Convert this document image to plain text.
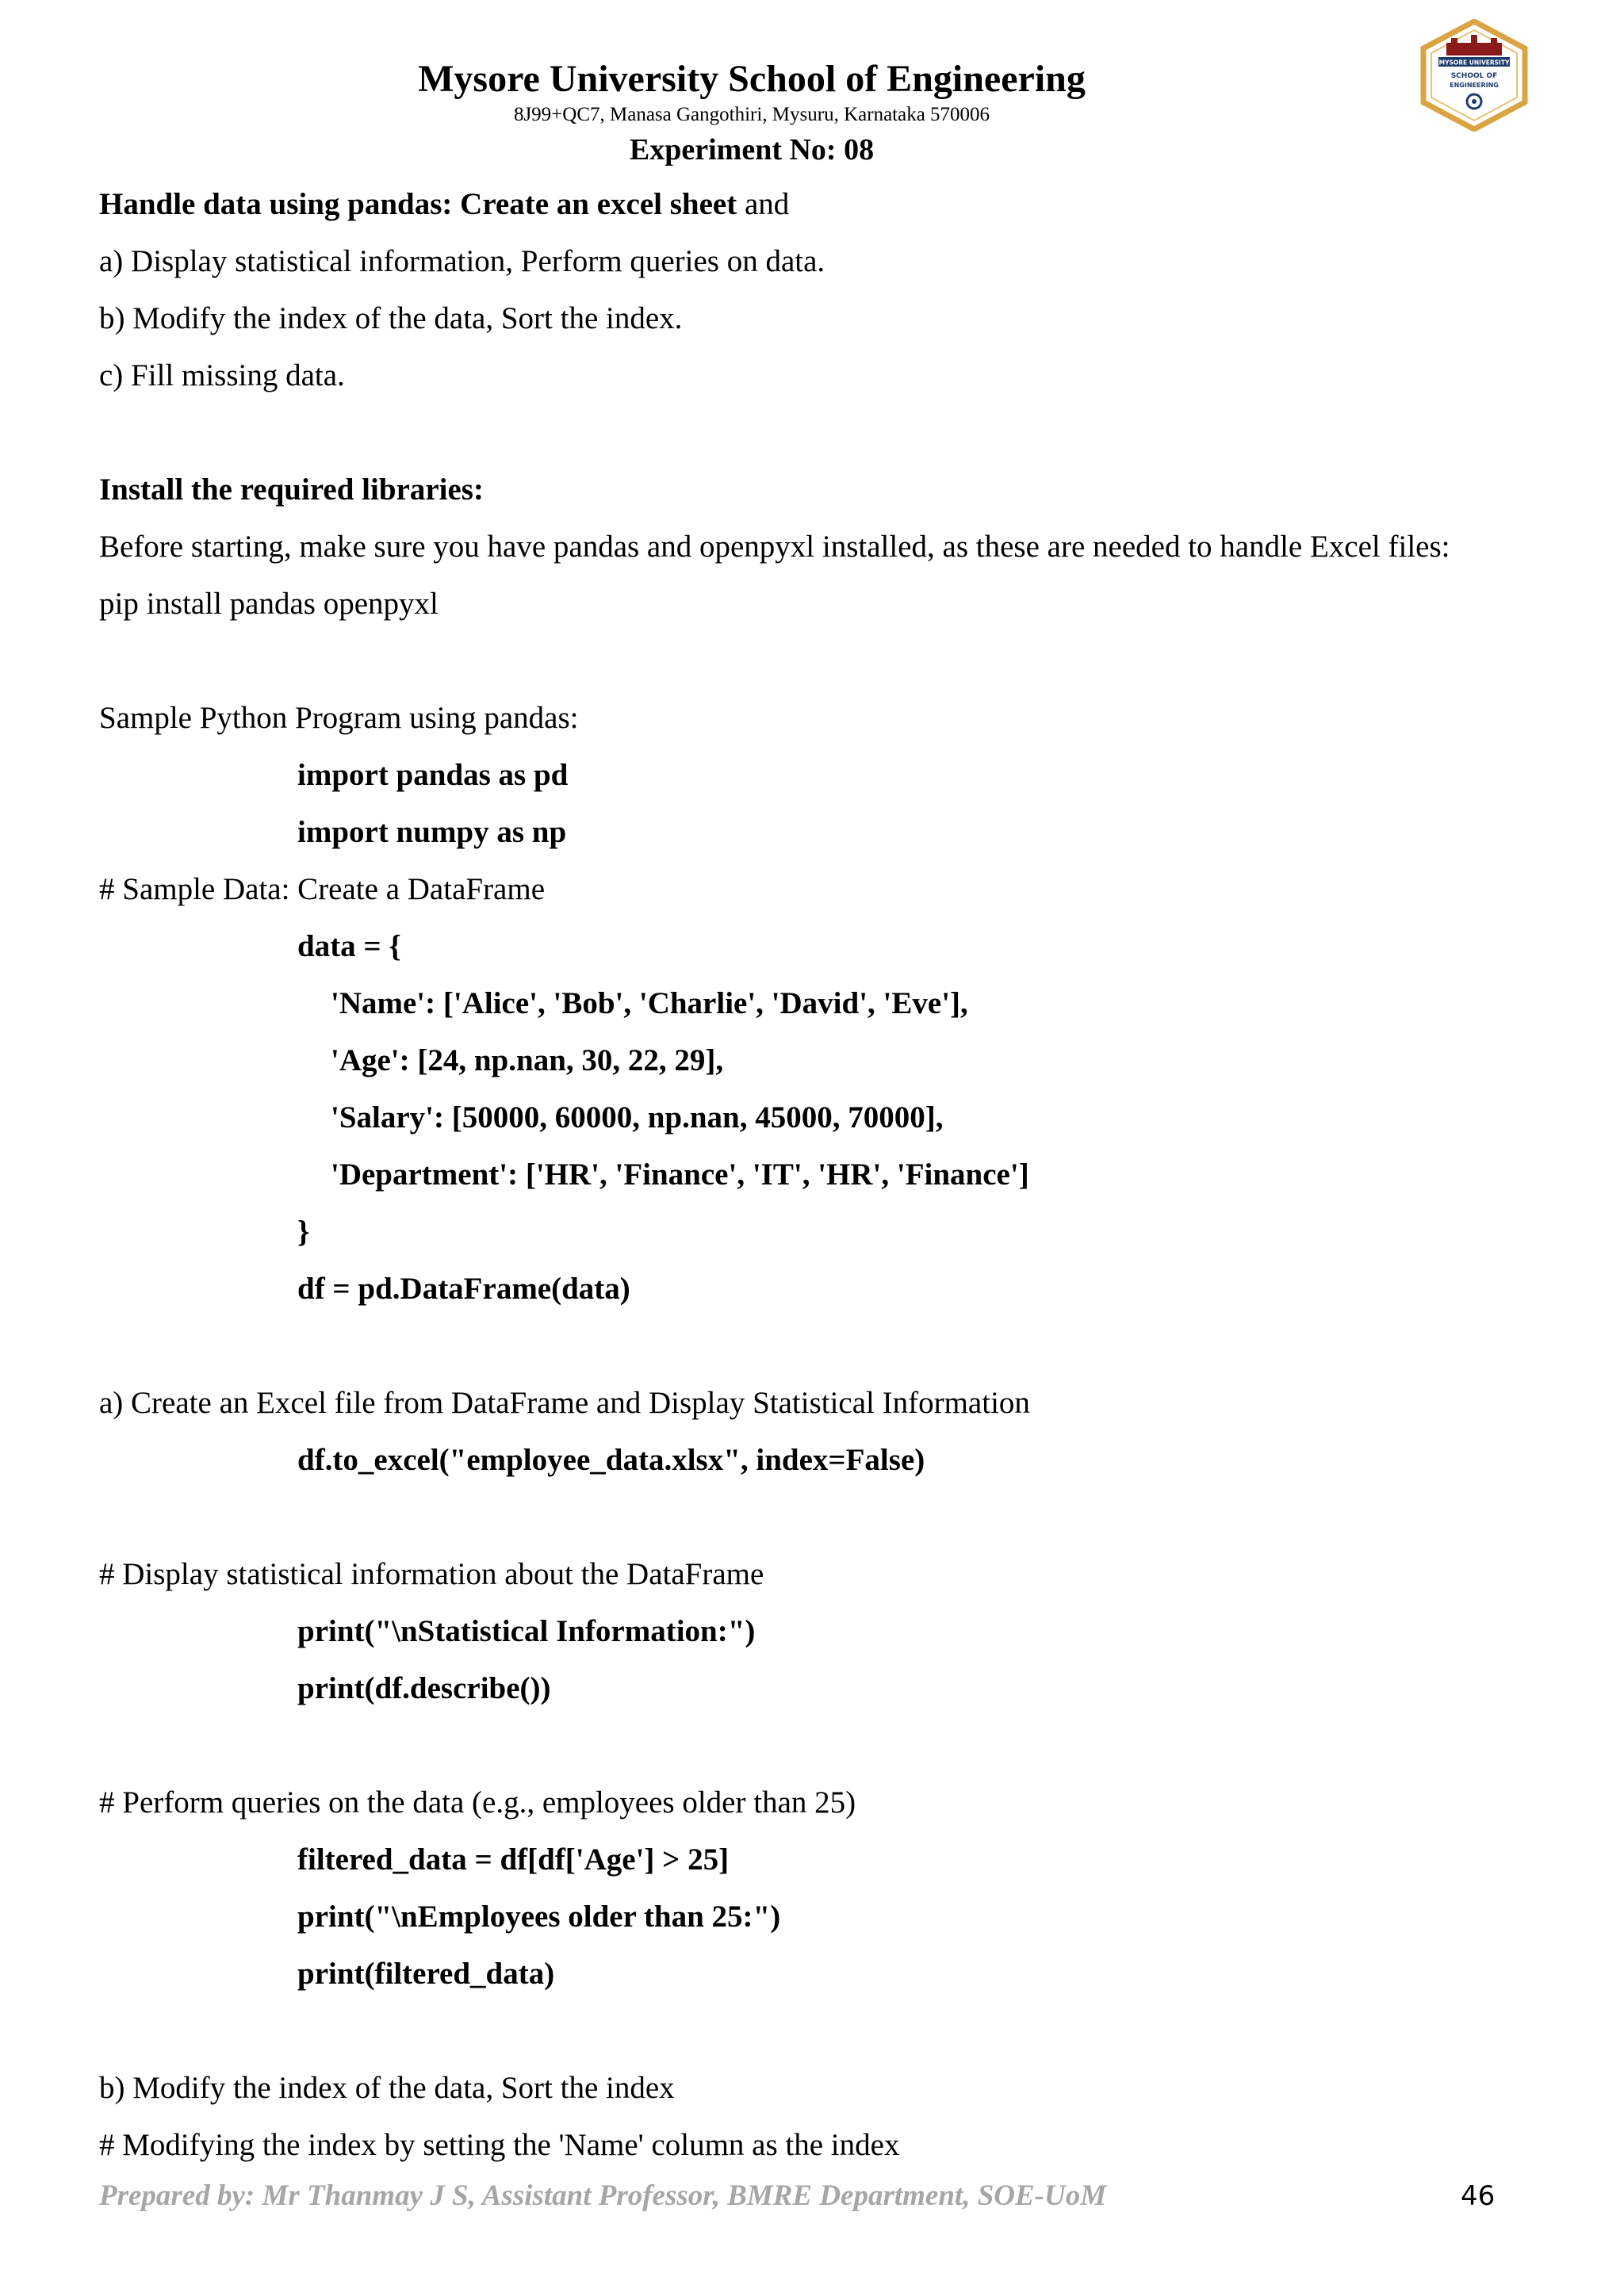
Mysore University School of Engineering
8J99+QC7, Manasa Gangothiri, Mysuru, Karnataka 570006
Experiment No: 08
MYSORE UNIVERSITY
SCHOOL OF
ENGINEERING
Handle data using pandas: Create an excel sheet and
a) Display statistical information, Perform queries on data.
b) Modify the index of the data, Sort the index.
c) Fill missing data.
Install the required libraries:
Before starting, make sure you have pandas and openpyxl installed, as these are needed to handle Excel files:
pip install pandas openpyxl
Sample Python Program using pandas:
import pandas as pd
import numpy as np
# Sample Data: Create a DataFrame
data = {
'Name': ['Alice', 'Bob', 'Charlie', 'David', 'Eve'],
'Age': [24, np.nan, 30, 22, 29],
'Salary': [50000, 60000, np.nan, 45000, 70000],
'Department': ['HR', 'Finance', 'IT', 'HR', 'Finance']
}
df = pd.DataFrame(data)
a) Create an Excel file from DataFrame and Display Statistical Information
df.to_excel("employee_data.xlsx", index=False)
# Display statistical information about the DataFrame
print("\nStatistical Information:")
print(df.describe())
# Perform queries on the data (e.g., employees older than 25)
filtered_data = df[df['Age'] > 25]
print("\nEmployees older than 25:")
print(filtered_data)
b) Modify the index of the data, Sort the index
# Modifying the index by setting the 'Name' column as the index
Prepared by: Mr Thanmay J S, Assistant Professor, BMRE Department, SOE-UoM	46
